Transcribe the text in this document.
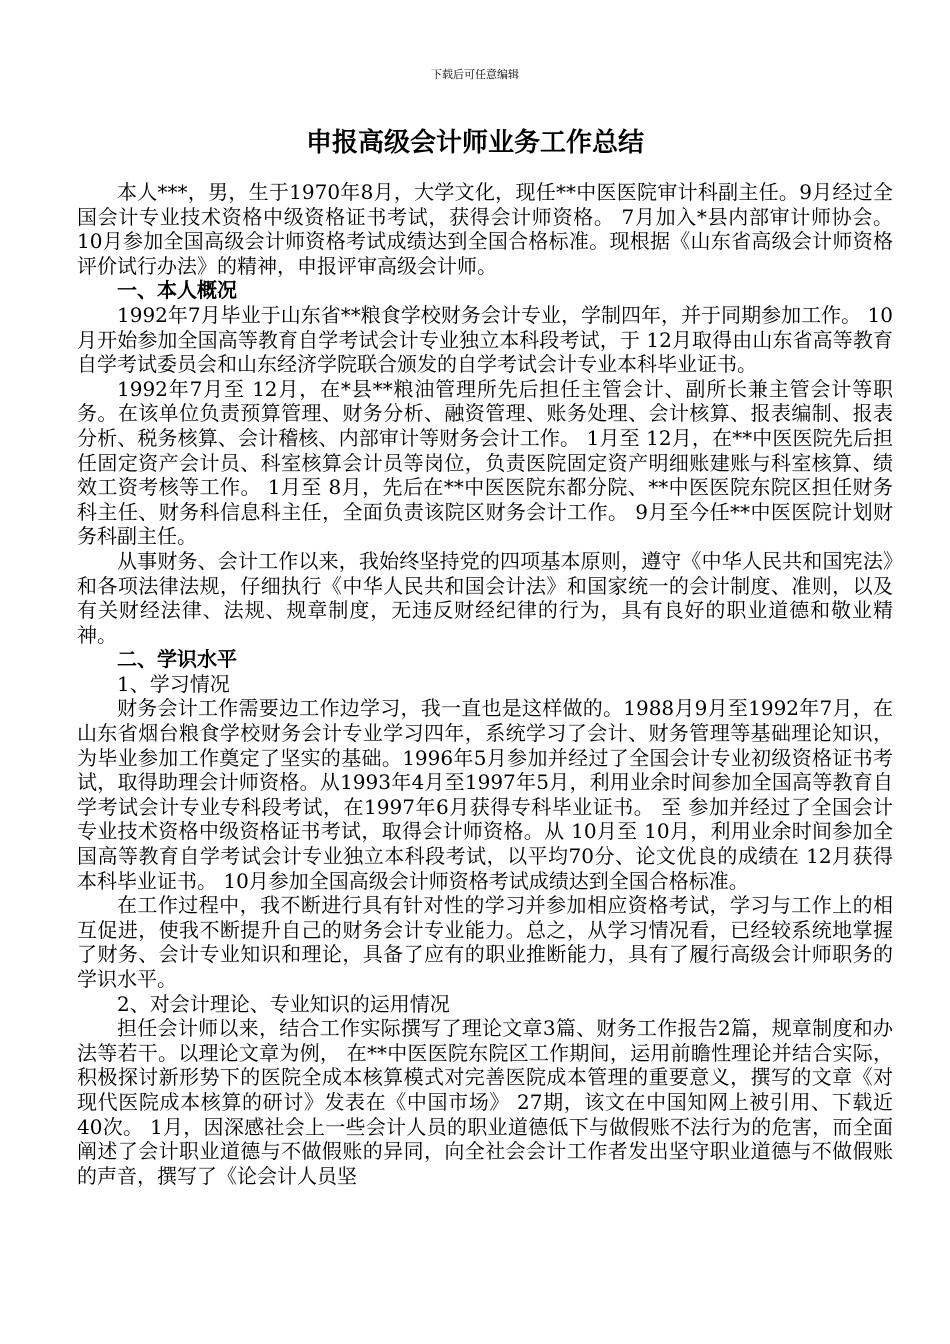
下载后可任意编辑
申报高级会计师业务工作总结

本人***，男，生于1970年8月，大学文化，现任**中医医院审计科副主任。9月经过全国会计专业技术资格中级资格证书考试，获得会计师资格。 7月加入*县内部审计师协会。 10月参加全国高级会计师资格考试成绩达到全国合格标准。现根据《山东省高级会计师资格评价试行办法》的精神，申报评审高级会计师。

一、本人概况

1992年7月毕业于山东省**粮食学校财务会计专业，学制四年，并于同期参加工作。 10月开始参加全国高等教育自学考试会计专业独立本科段考试，于 12月取得由山东省高等教育自学考试委员会和山东经济学院联合颁发的自学考试会计专业本科毕业证书。

1992年7月至 12月，在*县**粮油管理所先后担任主管会计、副所长兼主管会计等职务。在该单位负责预算管理、财务分析、融资管理、账务处理、会计核算、报表编制、报表分析、税务核算、会计稽核、内部审计等财务会计工作。 1月至 12月，在**中医医院先后担任固定资产会计员、科室核算会计员等岗位，负责医院固定资产明细账建账与科室核算、绩效工资考核等工作。 1月至 8月，先后在**中医医院东都分院、**中医医院东院区担任财务科主任、财务科信息科主任，全面负责该院区财务会计工作。 9月至今任**中医医院计划财务科副主任。

从事财务、会计工作以来，我始终坚持党的四项基本原则，遵守《中华人民共和国宪法》和各项法律法规，仔细执行《中华人民共和国会计法》和国家统一的会计制度、准则，以及有关财经法律、法规、规章制度，无违反财经纪律的行为，具有良好的职业道德和敬业精神。

二、学识水平

1、学习情况

财务会计工作需要边工作边学习，我一直也是这样做的。1988月9月至1992年7月，在山东省烟台粮食学校财务会计专业学习四年，系统学习了会计、财务管理等基础理论知识，为毕业参加工作奠定了坚实的基础。1996年5月参加并经过了全国会计专业初级资格证书考试，取得助理会计师资格。从1993年4月至1997年5月，利用业余时间参加全国高等教育自学考试会计专业专科段考试，在1997年6月获得专科毕业证书。 至 参加并经过了全国会计专业技术资格中级资格证书考试，取得会计师资格。从 10月至 10月，利用业余时间参加全国高等教育自学考试会计专业独立本科段考试，以平均70分、论文优良的成绩在 12月获得本科毕业证书。 10月参加全国高级会计师资格考试成绩达到全国合格标准。

在工作过程中，我不断进行具有针对性的学习并参加相应资格考试，学习与工作上的相互促进，使我不断提升自己的财务会计专业能力。总之，从学习情况看，已经较系统地掌握了财务、会计专业知识和理论，具备了应有的职业推断能力，具有了履行高级会计师职务的学识水平。

2、对会计理论、专业知识的运用情况

担任会计师以来，结合工作实际撰写了理论文章3篇、财务工作报告2篇，规章制度和办法等若干。以理论文章为例， 在**中医医院东院区工作期间，运用前瞻性理论并结合实际，积极探讨新形势下的医院全成本核算模式对完善医院成本管理的重要意义，撰写的文章《对现代医院成本核算的研讨》发表在《中国市场》 27期，该文在中国知网上被引用、下载近40次。 1月，因深感社会上一些会计人员的职业道德低下与做假账不法行为的危害，而全面阐述了会计职业道德与不做假账的异同，向全社会会计工作者发出坚守职业道德与不做假账的声音，撰写了《论会计人员坚
